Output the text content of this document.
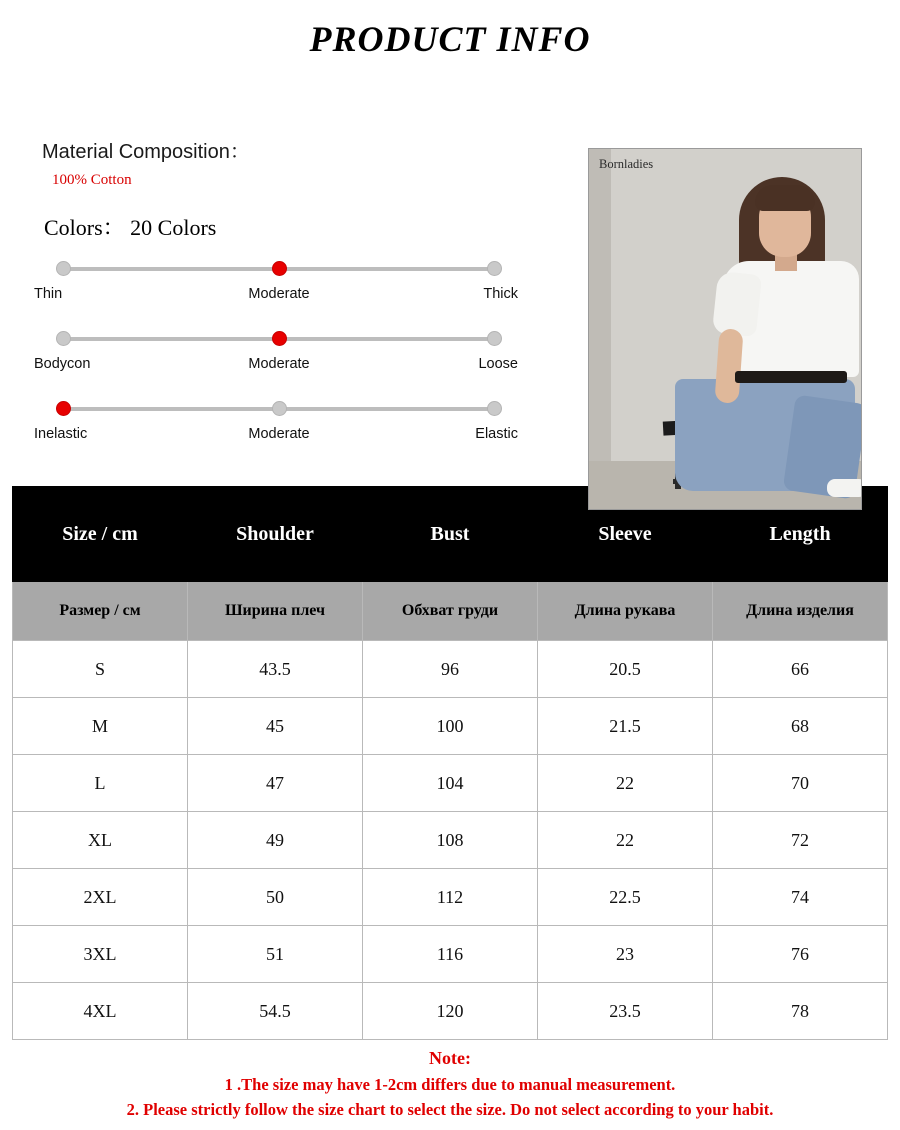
PRODUCT INFO
Material Composition：
100% Cotton
Colors： 20 Colors
Thin	Moderate	Thick
Bodycon	Moderate	Loose
Inelastic	Moderate	Elastic
Bornladies
Size / cm	Shoulder	Bust	Sleeve	Length
Размер / см	Ширина плеч	Обхват груди	Длина рукава	Длина изделия
S	43.5	96	20.5	66
M	45	100	21.5	68
L	47	104	22	70
XL	49	108	22	72
2XL	50	112	22.5	74
3XL	51	116	23	76
4XL	54.5	120	23.5	78
Note:
1 .The size may have 1-2cm differs due to manual measurement.
2. Please strictly follow the size chart to select the size. Do not select according to your habit.
